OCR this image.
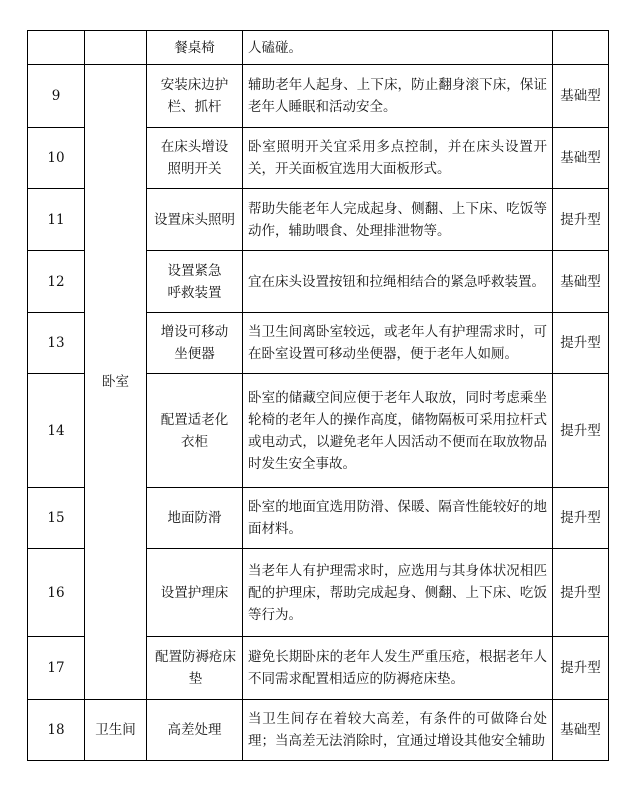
		餐桌椅	人磕碰。	
9	卧室	安装床边护栏、抓杆	辅助老年人起身、上下床，防止翻身滚下床，保证老年人睡眠和活动安全。	基础型
10		在床头增设照明开关	卧室照明开关宜采用多点控制，并在床头设置开关，开关面板宜选用大面板形式。	基础型
11		设置床头照明	帮助失能老年人完成起身、侧翻、上下床、吃饭等动作，辅助喂食、处理排泄物等。	提升型
12		设置紧急呼救装置	宜在床头设置按钮和拉绳相结合的紧急呼救装置。	基础型
13		增设可移动坐便器	当卫生间离卧室较远，或老年人有护理需求时，可在卧室设置可移动坐便器，便于老年人如厕。	提升型
14		配置适老化衣柜	卧室的储藏空间应便于老年人取放，同时考虑乘坐轮椅的老年人的操作高度，储物隔板可采用拉杆式或电动式，以避免老年人因活动不便而在取放物品时发生安全事故。	提升型
15		地面防滑	卧室的地面宜选用防滑、保暖、隔音性能较好的地面材料。	提升型
16		设置护理床	当老年人有护理需求时，应选用与其身体状况相匹配的护理床，帮助完成起身、侧翻、上下床、吃饭等行为。	提升型
17		配置防褥疮床垫	避免长期卧床的老年人发生严重压疮，根据老年人不同需求配置相适应的防褥疮床垫。	提升型
18	卫生间	高差处理	当卫生间存在着较大高差，有条件的可做降台处理；当高差无法消除时，宜通过增设其他安全辅助	基础型
